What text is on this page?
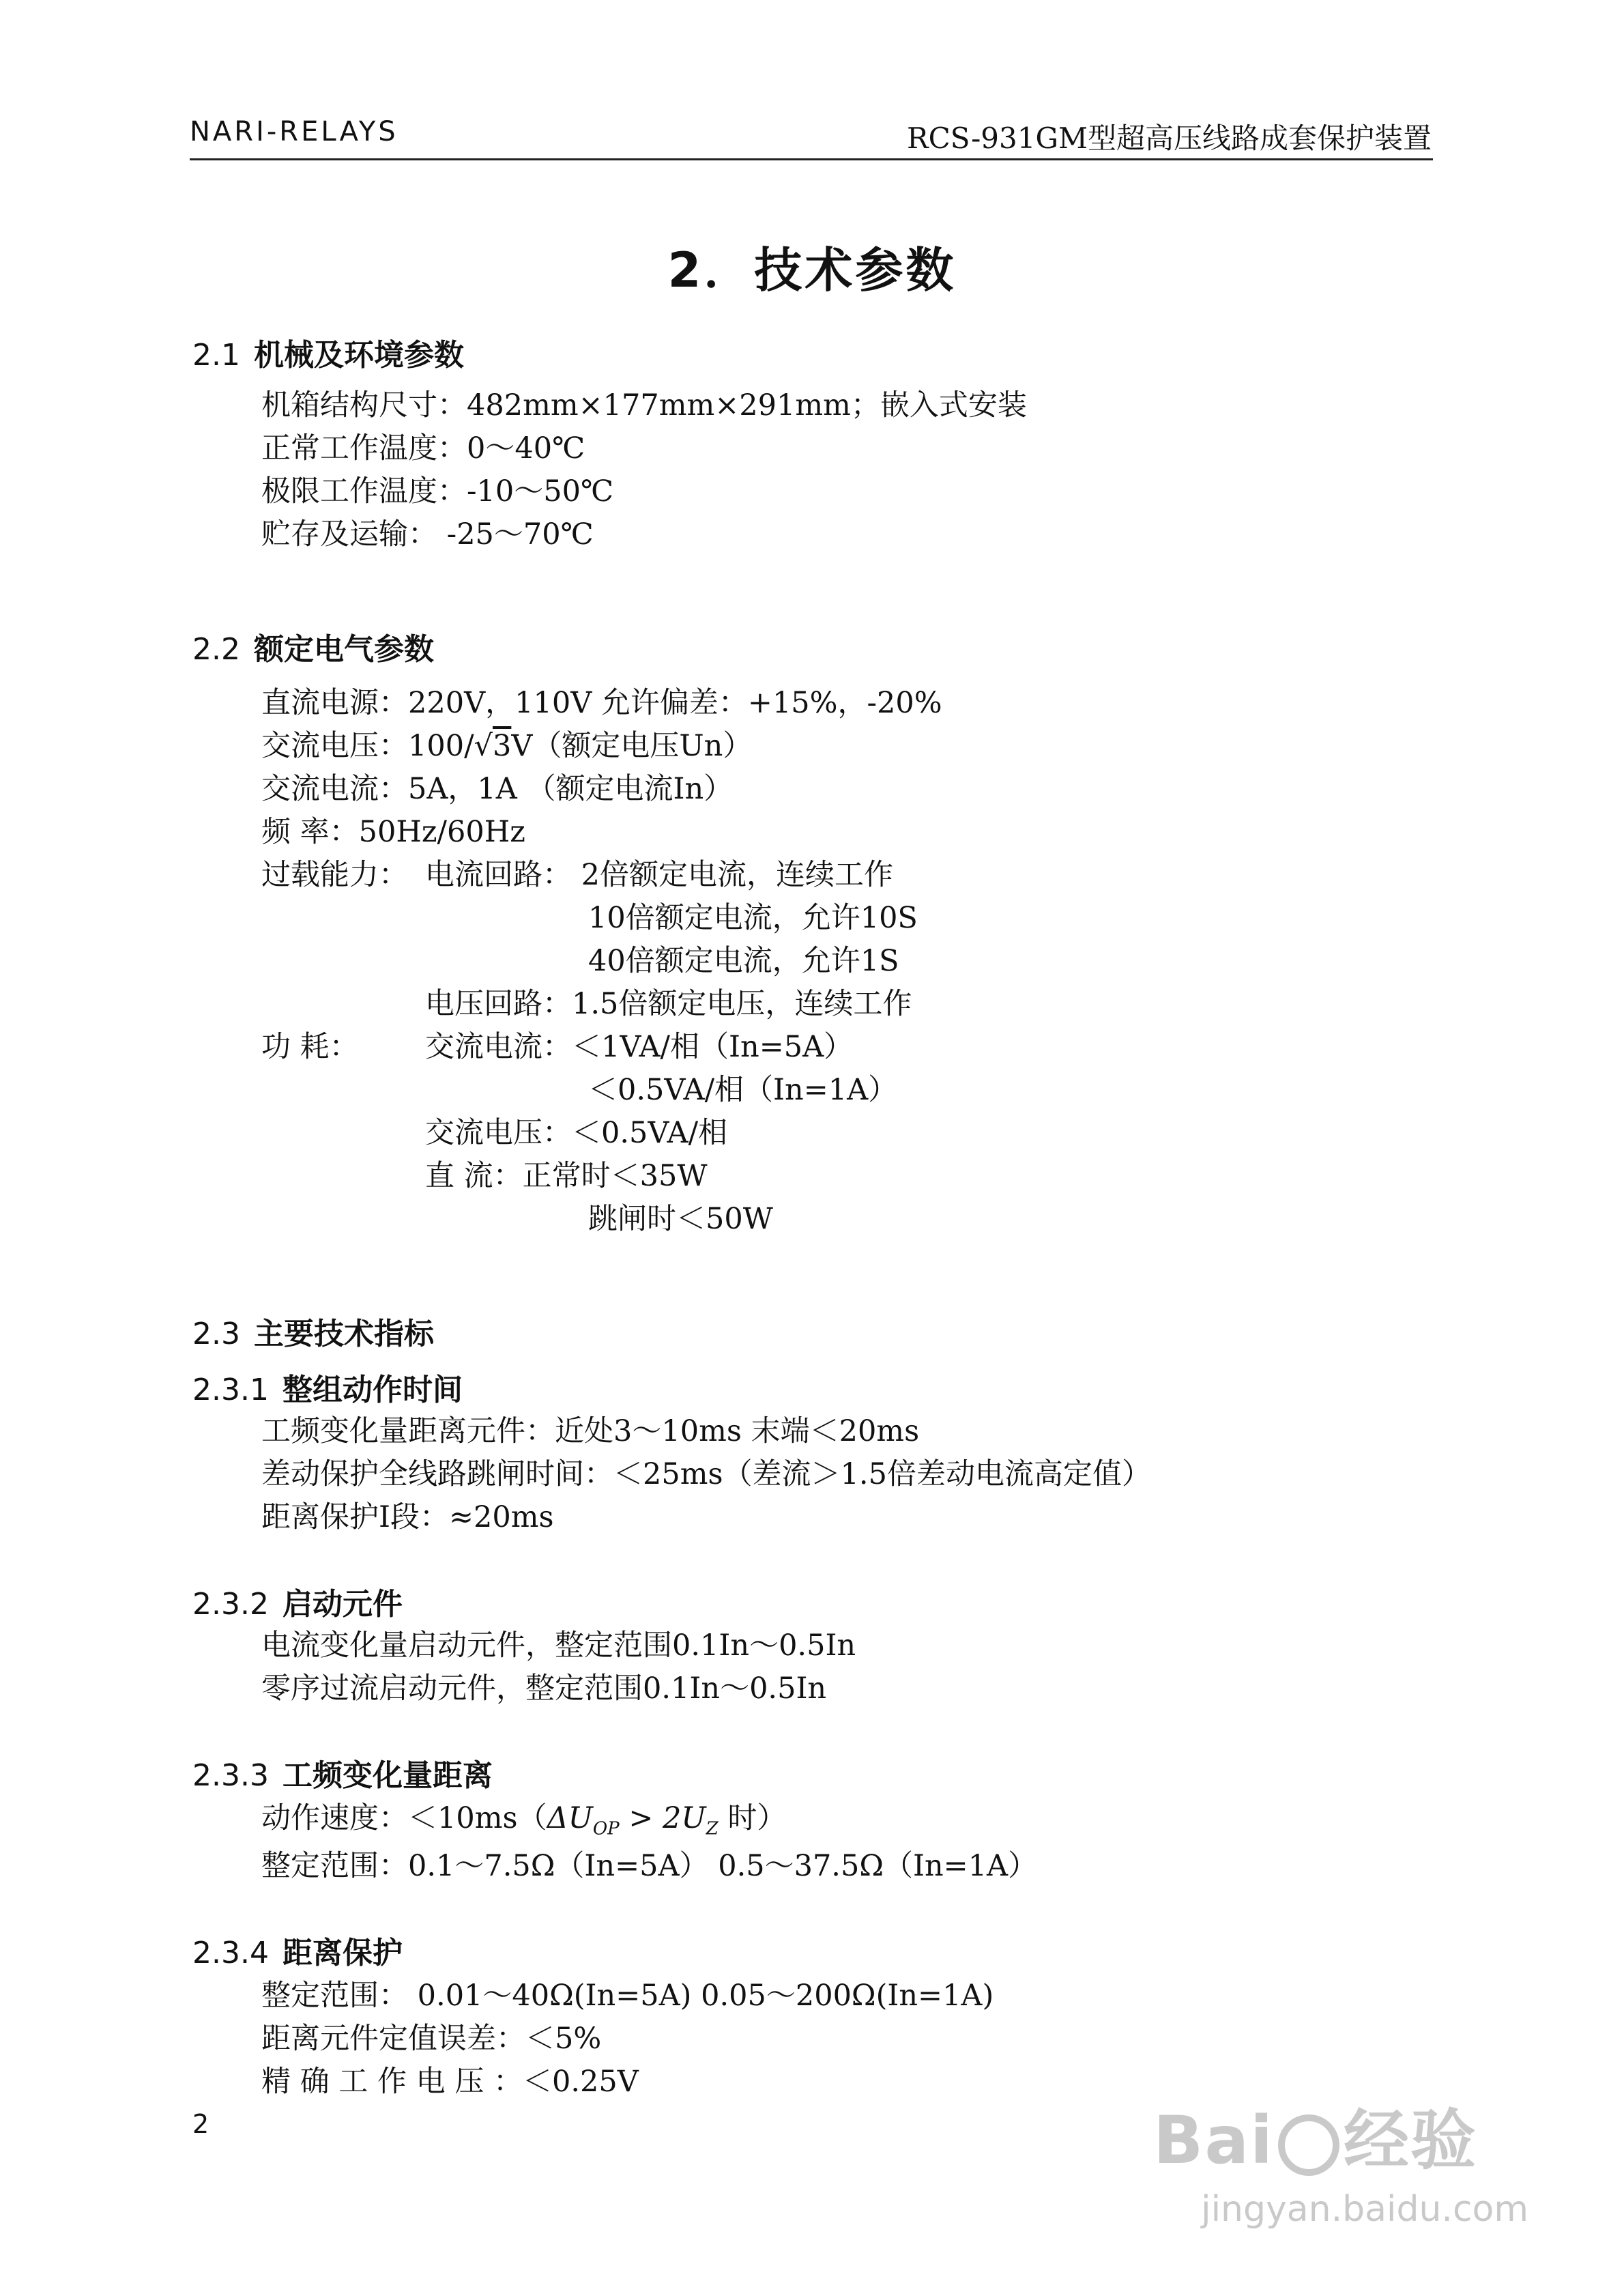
NARI-RELAYS	RCS-931GM型超高压线路成套保护装置
2．技术参数
2.1 机械及环境参数
机箱结构尺寸：482mm×177mm×291mm；嵌入式安装
正常工作温度：0～40℃
极限工作温度：-10～50℃
贮存及运输： -25～70℃
2.2 额定电气参数
直流电源：220V，110V 允许偏差：+15%，-20%
交流电压：100/√3V（额定电压Un）
交流电流：5A，1A （额定电流In）
频 率：50Hz/60Hz
过载能力： 电流回路： 2倍额定电流，连续工作
10倍额定电流，允许10S
40倍额定电流，允许1S
电压回路：1.5倍额定电压，连续工作
功 耗： 交流电流：＜1VA/相（In=5A）
＜0.5VA/相（In=1A）
交流电压：＜0.5VA/相
直 流：正常时＜35W
跳闸时＜50W
2.3 主要技术指标
2.3.1 整组动作时间
工频变化量距离元件：近处3～10ms 末端＜20ms
差动保护全线路跳闸时间：＜25ms（差流＞1.5倍差动电流高定值）
距离保护Ⅰ段：≈20ms
2.3.2 启动元件
电流变化量启动元件，整定范围0.1In～0.5In
零序过流启动元件，整定范围0.1In～0.5In
2.3.3 工频变化量距离
动作速度：$<10ms(\Delta U_{OP} > 2U_Z$ 时）
整定范围：0.1～7.5Ω（In=5A） 0.5～37.5Ω（In=1A）
2.3.4 距离保护
整定范围： 0.01～40Ω(In=5A) 0.05～200Ω(In=1A)
距离元件定值误差：＜5%
精 确 工 作 电 压 ：＜0.25V
2	Bai 经验
jingyan.baidu.com
